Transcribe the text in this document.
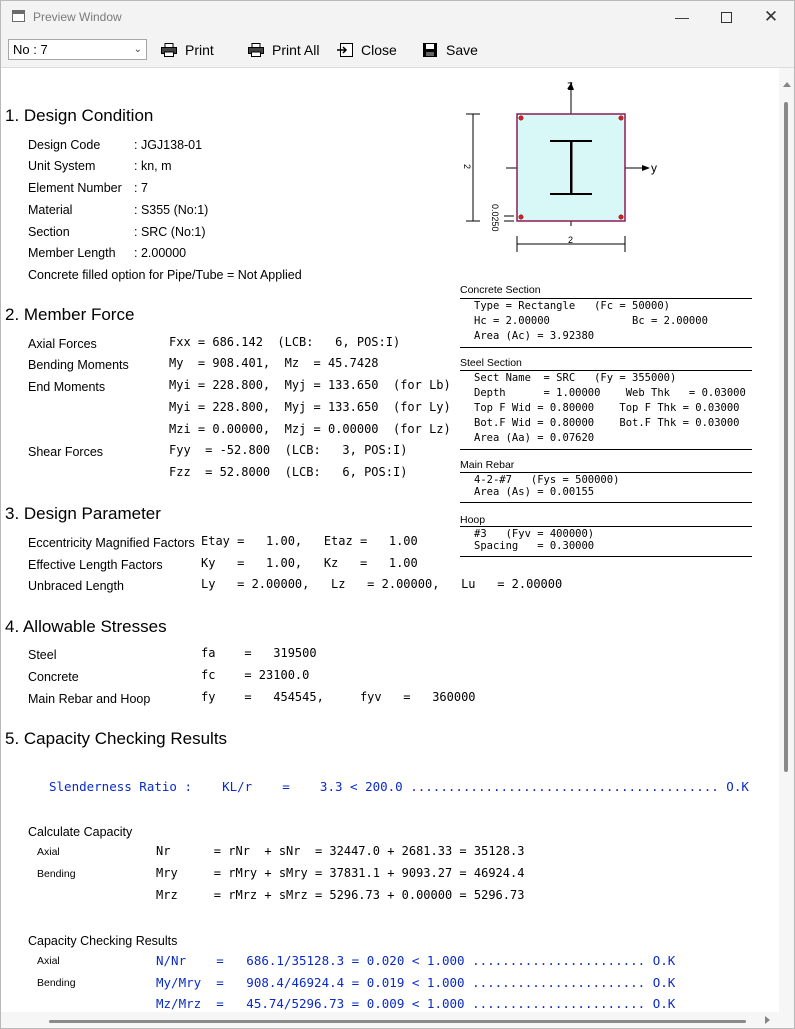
Preview Window	—	✕
No : 7	⌄	Print	Print All	Close	Save
1. Design Condition
Design Code	: JGJ138-01
Unit System	: kn, m
Element Number : 7
Material	: S355 (No:1)
Section	: SRC (No:1)
Member Length : 2.00000
Concrete filled option for Pipe/Tube = Not Applied
2. Member Force
Axial Forces	Fxx = 686.142  (LCB:   6, POS:I)
Bending Moments	My  = 908.401,  Mz  = 45.7428
End Moments	Myi = 228.800,  Myj = 133.650  (for Lb)
Myi = 228.800,  Myj = 133.650  (for Ly)
Mzi = 0.00000,  Mzj = 0.00000  (for Lz)
Shear Forces	Fyy  = -52.800  (LCB:   3, POS:I)
Fzz  = 52.8000  (LCB:   6, POS:I)
3. Design Parameter
Eccentricity Magnified Factors Etay =   1.00,   Etaz =   1.00
Effective Length Factors	Ky   =   1.00,   Kz   =   1.00
Unbraced Length	Ly   = 2.00000,   Lz   = 2.00000,   Lu   = 2.00000
4. Allowable Stresses
Steel	fa    =   319500
Concrete	fc    = 23100.0
Main Rebar and Hoop	fy    =   454545,     fyv   =   360000
5. Capacity Checking Results
Slenderness Ratio :    KL/r    =    3.3 < 200.0 ......................................... O.K
Calculate Capacity
Axial	Nr      = rNr  + sNr  = 32447.0 + 2681.33 = 35128.3
Bending	Mry     = rMry + sMry = 37831.1 + 9093.27 = 46924.4
Mrz     = rMrz + sMrz = 5296.73 + 0.00000 = 5296.73
Capacity Checking Results
Axial	N/Nr    =   686.1/35128.3 = 0.020 < 1.000 ....................... O.K
Bending	My/Mry  =   908.4/46924.4 = 0.019 < 1.000 ....................... O.K
Mz/Mrz  =   45.74/5296.73 = 0.009 < 1.000 ....................... O.K
z
y
2
0.0250
2
Concrete Section
Type = Rectangle   (Fc = 50000)
Hc = 2.00000             Bc = 2.00000
Area (Ac) = 3.92380
Steel Section
Sect Name  = SRC   (Fy = 355000)
Depth      = 1.00000    Web Thk   = 0.03000
Top F Wid = 0.80000    Top F Thk = 0.03000
Bot.F Wid = 0.80000    Bot.F Thk = 0.03000
Area (Aa) = 0.07620
Main Rebar
4-2-#7   (Fys = 500000)
Area (As) = 0.00155
Hoop
#3   (Fyv = 400000)
Spacing   = 0.30000
